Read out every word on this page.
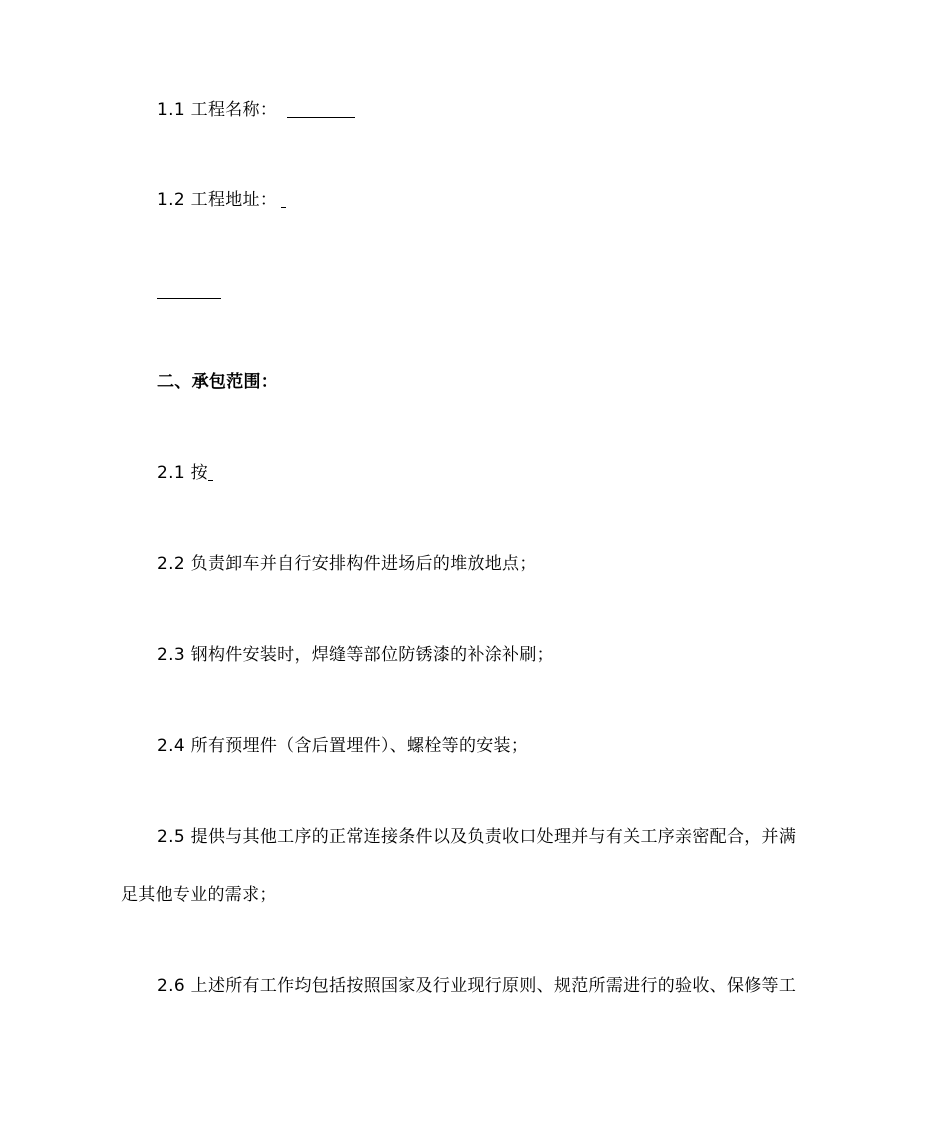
1.1 工程名称：
1.2 工程地址：
二、承包范围：
2.1 按
2.2 负责卸车并自行安排构件进场后的堆放地点；
2.3 钢构件安装时，焊缝等部位防锈漆的补涂补刷；
2.4 所有预埋件（含后置埋件）、螺栓等的安装；
2.5 提供与其他工序的正常连接条件以及负责收口处理并与有关工序亲密配合，并满
足其他专业的需求；
2.6 上述所有工作均包括按照国家及行业现行原则、规范所需进行的验收、保修等工
